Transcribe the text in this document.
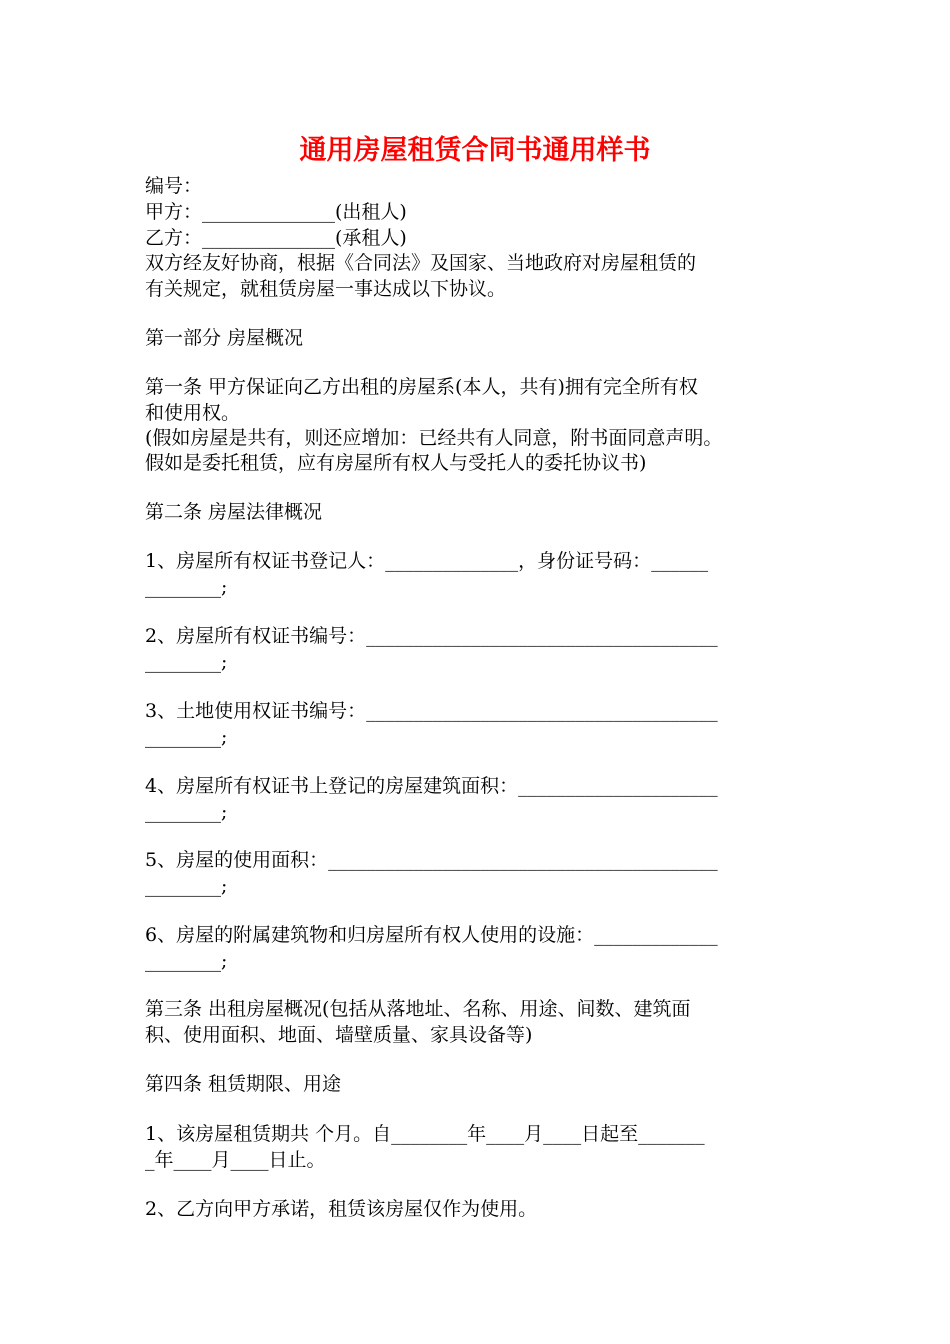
通用房屋租赁合同书通用样书
编号：
甲方：______________(出租人)
乙方：______________(承租人)
双方经友好协商，根据《合同法》及国家、当地政府对房屋租赁的
有关规定，就租赁房屋一事达成以下协议。
第一部分 房屋概况
第一条 甲方保证向乙方出租的房屋系(本人，共有)拥有完全所有权
和使用权。
(假如房屋是共有，则还应增加：已经共有人同意，附书面同意声明。
假如是委托租赁，应有房屋所有权人与受托人的委托协议书)
第二条 房屋法律概况
1、房屋所有权证书登记人：______________，身份证号码：______
________;
2、房屋所有权证书编号：_____________________________________
________;
3、土地使用权证书编号：_____________________________________
________;
4、房屋所有权证书上登记的房屋建筑面积：_____________________
________;
5、房屋的使用面积：_________________________________________
________;
6、房屋的附属建筑物和归房屋所有权人使用的设施：_____________
________;
第三条 出租房屋概况(包括从落地址、名称、用途、间数、建筑面
积、使用面积、地面、墙壁质量、家具设备等)
第四条 租赁期限、用途
1、该房屋租赁期共 个月。自________年____月____日起至_______
_年____月____日止。
2、乙方向甲方承诺，租赁该房屋仅作为使用。
